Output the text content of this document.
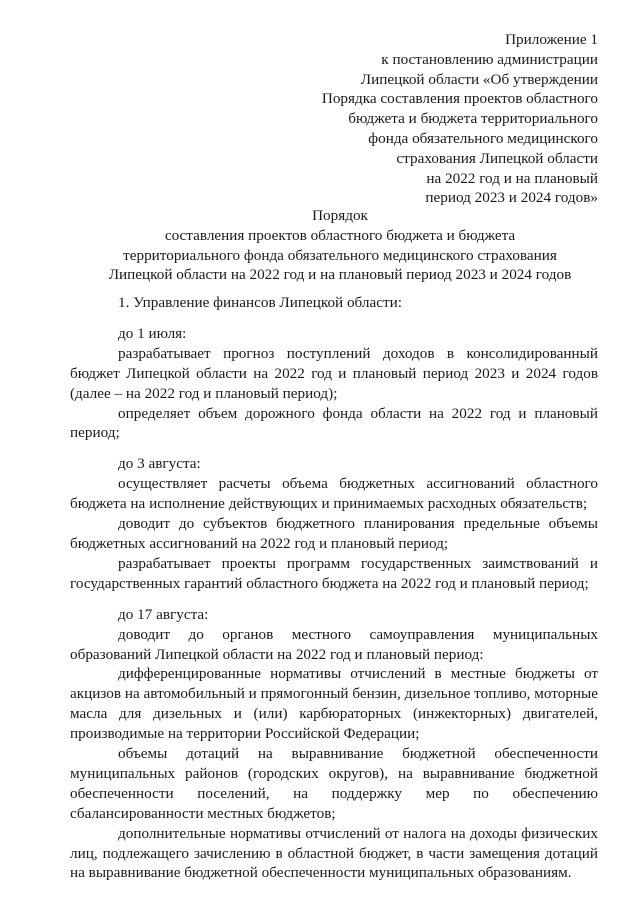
Приложение 1
к постановлению администрации
Липецкой области «Об утверждении
Порядка составления проектов областного
бюджета и бюджета территориального
фонда обязательного медицинского
страхования Липецкой области
на 2022 год и на плановый
период 2023 и 2024 годов»
Порядок
составления проектов областного бюджета и бюджета
территориального фонда обязательного медицинского страхования
Липецкой области на 2022 год и на плановый период 2023 и 2024 годов

1. Управление финансов Липецкой области:

до 1 июля:

разрабатывает прогноз поступлений доходов в консолидированный бюджет Липецкой области на 2022 год и плановый период 2023 и 2024 годов (далее – на 2022 год и плановый период);

определяет объем дорожного фонда области на 2022 год и плановый период;

до 3 августа:

осуществляет расчеты объема бюджетных ассигнований областного бюджета на исполнение действующих и принимаемых расходных обязательств;

доводит до субъектов бюджетного планирования предельные объемы бюджетных ассигнований на 2022 год и плановый период;

разрабатывает проекты программ государственных заимствований и государственных гарантий областного бюджета на 2022 год и плановый период;

до 17 августа:

доводит до органов местного самоуправления муниципальных образований Липецкой области на 2022 год и плановый период:

дифференцированные нормативы отчислений в местные бюджеты от акцизов на автомобильный и прямогонный бензин, дизельное топливо, моторные масла для дизельных и (или) карбюраторных (инжекторных) двигателей, производимые на территории Российской Федерации;

объемы дотаций на выравнивание бюджетной обеспеченности муниципальных районов (городских округов), на выравнивание бюджетной обеспеченности поселений, на поддержку мер по обеспечению сбалансированности местных бюджетов;

дополнительные нормативы отчислений от налога на доходы физических лиц, подлежащего зачислению в областной бюджет, в части замещения дотаций на выравнивание бюджетной обеспеченности муниципальных образованиям.
